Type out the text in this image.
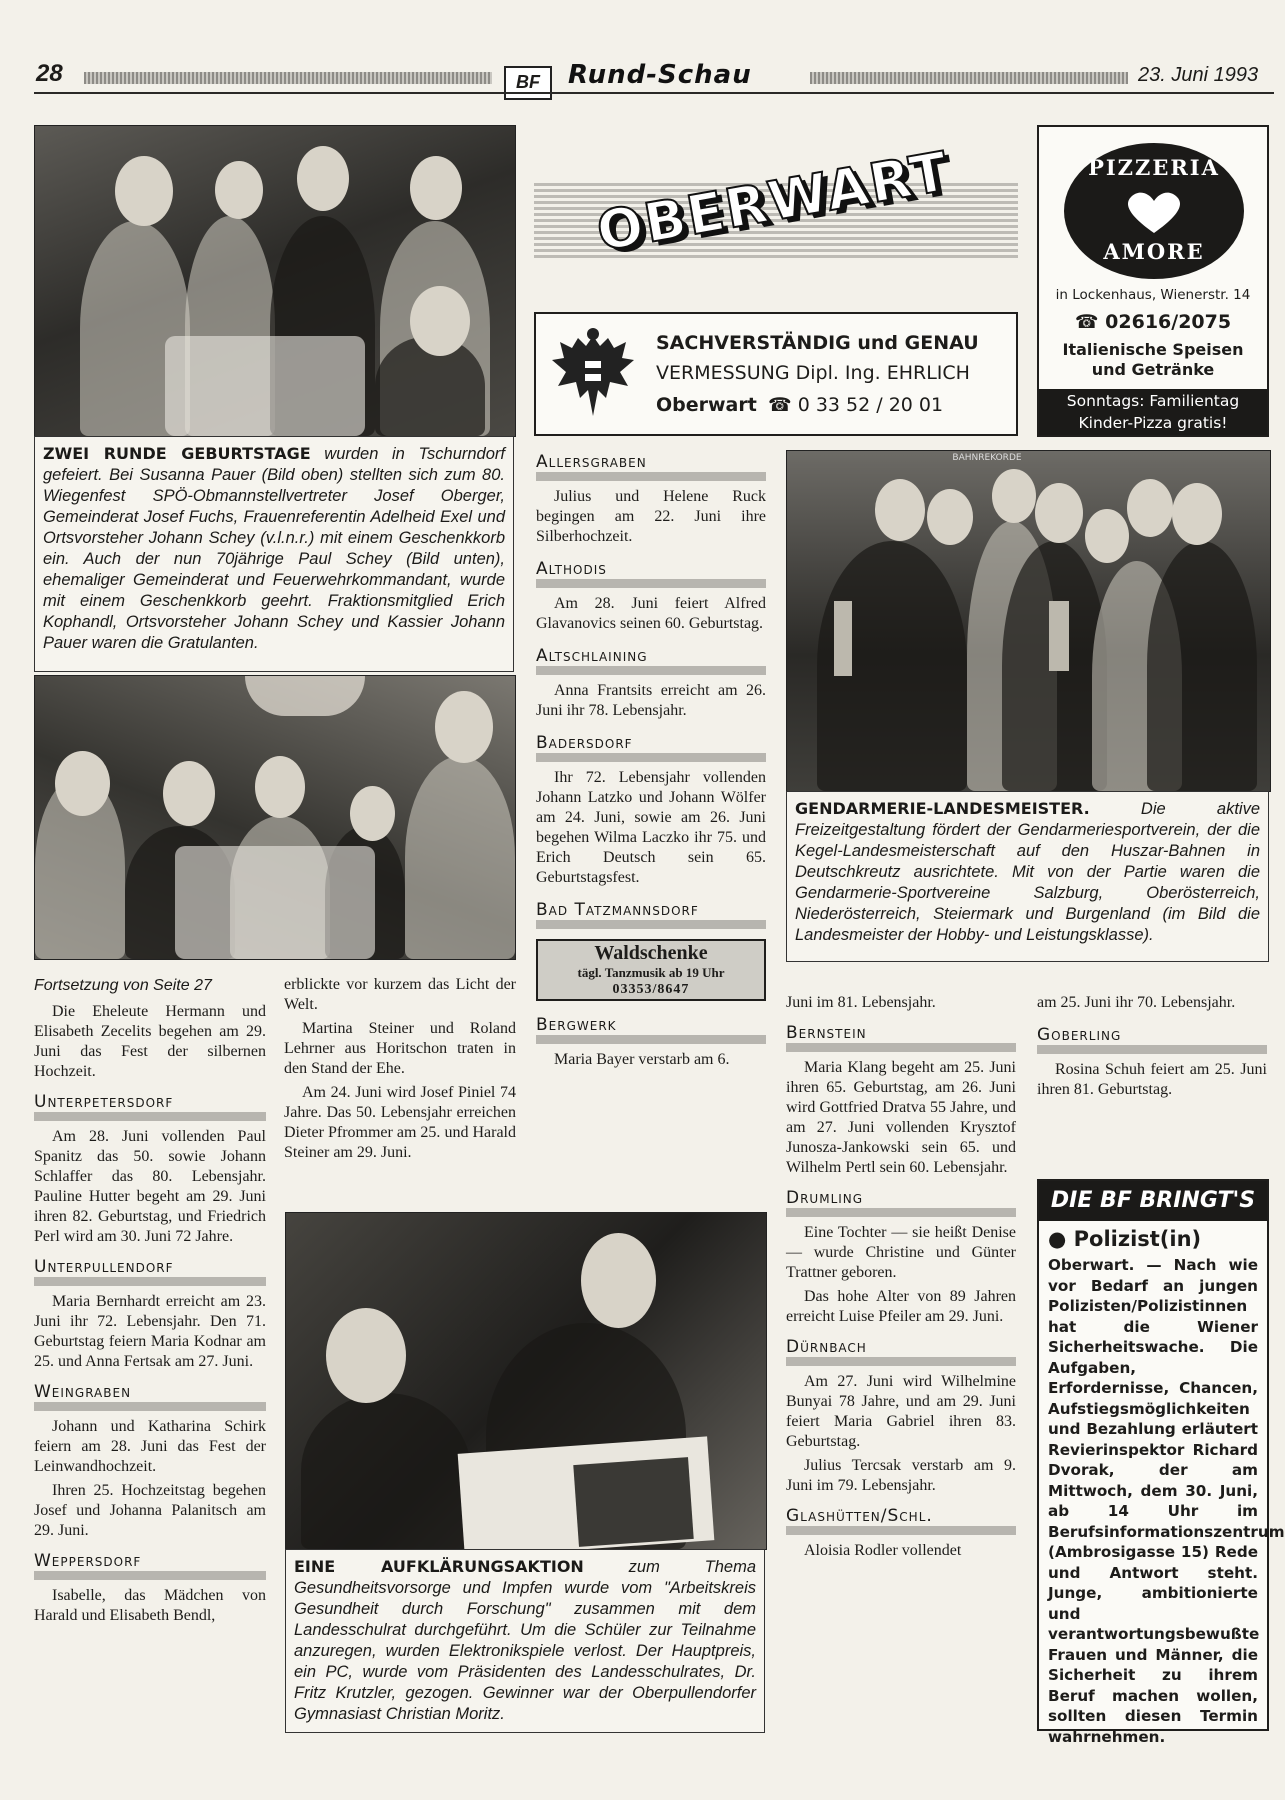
28	BF	Rund-Schau	23. Juni 1993
ZWEI RUNDE GEBURTSTAGE wurden in Tschurndorf gefeiert. Bei Susanna Pauer (Bild oben) stellten sich zum 80. Wiegenfest SPÖ-Obmannstellvertreter Josef Oberger, Gemeinderat Josef Fuchs, Frauenreferentin Adelheid Exel und Ortsvorsteher Johann Schey (v.l.n.r.) mit einem Geschenkkorb ein. Auch der nun 70jährige Paul Schey (Bild unten), ehemaliger Gemeinderat und Feuerwehrkommandant, wurde mit einem Geschenkkorb geehrt. Fraktionsmitglied Erich Kophandl, Ortsvorsteher Johann Schey und Kassier Johann Pauer waren die Gratulanten.
OBERWART
SACHVERSTÄNDIG und GENAU
VERMESSUNG Dipl. Ing. EHRLICH
Oberwart ☎ 0 33 52 / 20 01
PIZZERIA
AMORE
in Lockenhaus, Wienerstr. 14
☎ 02616/2075
Italienische Speisen
und Getränke
Sonntags: Familientag
Kinder-Pizza gratis!
Allersgraben

Julius und Helene Ruck begingen am 22. Juni ihre Silberhochzeit.

Althodis

Am 28. Juni feiert Alfred Glavanovics seinen 60. Geburtstag.

Altschlaining

Anna Frantsits erreicht am 26. Juni ihr 78. Lebensjahr.

Badersdorf

Ihr 72. Lebensjahr vollenden Johann Latzko und Johann Wölfer am 24. Juni, sowie am 26. Juni begehen Wilma Laczko ihr 75. und Erich Deutsch sein 65. Geburtstagsfest.

Bad Tatzmannsdorf
Waldschenke
tägl. Tanzmusik ab 19 Uhr
03353/8647
Bergwerk

Maria Bayer verstarb am 6.

BAHNREKORDE
GENDARMERIE-LANDESMEISTER.	Die aktive Freizeitgestaltung fördert der Gendarmeriesportverein, der die Kegel-Landesmeisterschaft auf den Huszar-Bahnen in Deutschkreutz ausrichtete. Mit von der Partie waren die Gendarmerie-Sportvereine Salzburg, Oberösterreich, Niederösterreich, Steiermark und Burgenland (im Bild die Landesmeister der Hobby- und Leistungsklasse).
Fortsetzung von Seite 27

Die Eheleute Hermann und Elisabeth Zecelits begehen am 29. Juni das Fest der silbernen Hochzeit.

Unterpetersdorf

Am 28. Juni vollenden Paul Spanitz das 50. sowie Johann Schlaffer das 80. Lebensjahr. Pauline Hutter begeht am 29. Juni ihren 82. Geburtstag, und Friedrich Perl wird am 30. Juni 72 Jahre.

Unterpullendorf

Maria Bernhardt erreicht am 23. Juni ihr 72. Lebensjahr. Den 71. Geburtstag feiern Maria Kodnar am 25. und Anna Fertsak am 27. Juni.

Weingraben

Johann und Katharina Schirk feiern am 28. Juni das Fest der Leinwandhochzeit.

Ihren 25. Hochzeitstag begehen Josef und Johanna Palanitsch am 29. Juni.

Weppersdorf

Isabelle, das Mädchen von Harald und Elisabeth Bendl,

erblickte vor kurzem das Licht der Welt.

Martina Steiner und Roland Lehrner aus Horitschon traten in den Stand der Ehe.

Am 24. Juni wird Josef Piniel 74 Jahre. Das 50. Lebensjahr erreichen Dieter Pfrommer am 25. und Harald Steiner am 29. Juni.

EINE AUFKLÄRUNGSAKTION	zum Thema Gesundheitsvorsorge und Impfen wurde vom "Arbeitskreis Gesundheit durch Forschung" zusammen mit dem Landesschulrat durchgeführt. Um die Schüler zur Teilnahme anzuregen, wurden Elektronikspiele verlost. Der Hauptpreis, ein PC, wurde vom Präsidenten des Landesschulrates, Dr. Fritz Krutzler, gezogen. Gewinner war der Oberpullendorfer Gymnasiast Christian Moritz.

Juni im 81. Lebensjahr.

Bernstein

Maria Klang begeht am 25. Juni ihren 65. Geburtstag, am 26. Juni wird Gottfried Dratva 55 Jahre, und am 27. Juni vollenden Krysztof Junosza-Jankowski sein 65. und Wilhelm Pertl sein 60. Lebensjahr.

Drumling

Eine Tochter — sie heißt Denise — wurde Christine und Günter Trattner geboren.

Das hohe Alter von 89 Jahren erreicht Luise Pfeiler am 29. Juni.

Dürnbach

Am 27. Juni wird Wilhelmine Bunyai 78 Jahre, und am 29. Juni feiert Maria Gabriel ihren 83. Geburtstag.

Julius Tercsak verstarb am 9. Juni im 79. Lebensjahr.

Glashütten/Schl.

Aloisia Rodler vollendet

am 25. Juni ihr 70. Lebensjahr.

Goberling

Rosina Schuh feiert am 25. Juni ihren 81. Geburtstag.

DIE BF BRINGT'S
● Polizist(in)
Oberwart. — Nach wie vor Bedarf an jungen Polizisten/Polizistinnen hat die Wiener Sicherheitswache. Die Aufgaben, Erfordernisse, Chancen, Aufstiegsmöglichkeiten und Bezahlung erläutert Revierinspektor Richard Dvorak, der am Mittwoch, dem 30. Juni, ab 14 Uhr im Berufsinformationszentrum (Ambrosigasse 15) Rede und Antwort steht. Junge, ambitionierte und verantwortungsbewußte Frauen und Männer, die Sicherheit zu ihrem Beruf machen wollen, sollten diesen Termin wahrnehmen.
